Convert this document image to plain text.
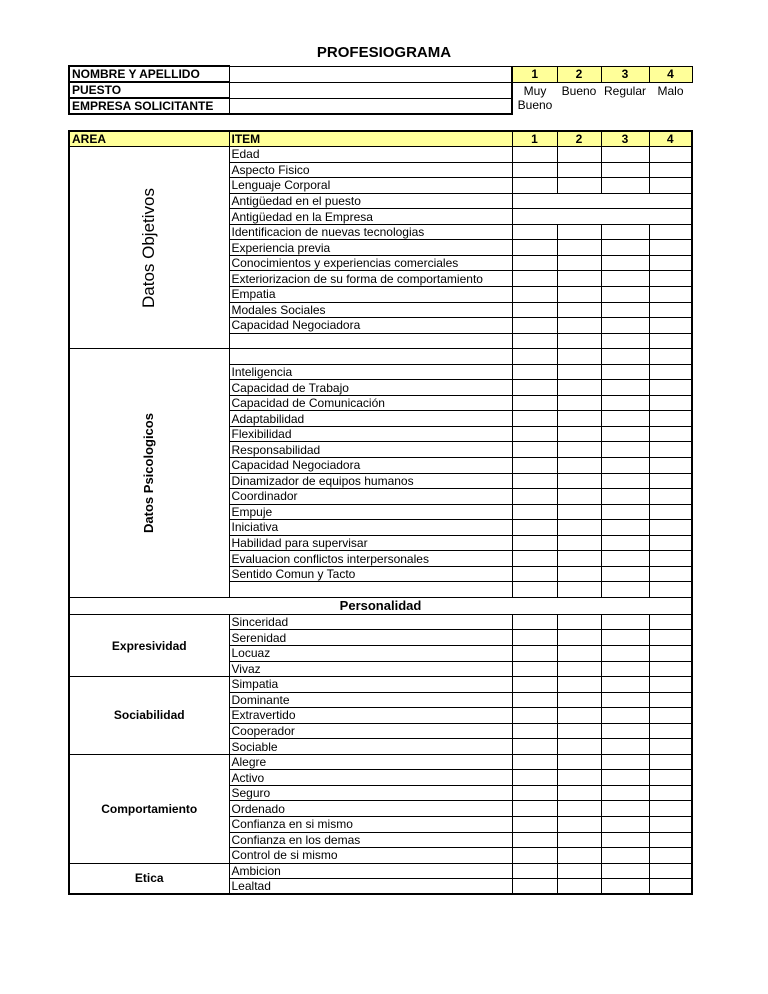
PROFESIOGRAMA
NOMBRE Y APELLIDO		1	2	3	4
PUESTO		Muy Bueno	Bueno	Regular	Malo
EMPRESA SOLICITANTE					
AREA	ITEM	1	2	3	4

Datos Objetivos	Edad				
	Aspecto Fisico				
	Lenguaje Corporal				
	Antigüedad en el puesto				
	Antigüedad en la Empresa				
	Identificacion de nuevas tecnologias				
	Experiencia previa				
	Conocimientos y experiencias comerciales				
	Exteriorizacion de su forma de comportamiento				
	Empatia				
	Modales Sociales				
	Capacidad Negociadora				

Datos Psicologicos					

	Inteligencia				
	Capacidad de Trabajo				
	Capacidad de Comunicación				
	Adaptabilidad				
	Flexibilidad				
	Responsabilidad				
	Capacidad Negociadora				
	Dinamizador de equipos humanos				
	Coordinador				
	Empuje				
	Iniciativa				
	Habilidad para supervisar				
	Evaluacion conflictos interpersonales				
	Sentido Comun y Tacto				

Personalidad					
Expresividad	Sinceridad				
	Serenidad				
	Locuaz				
	Vivaz				
Sociabilidad	Simpatia				
	Dominante				
	Extravertido				
	Cooperador				
	Sociable				
Comportamiento	Alegre				
	Activo				
	Seguro				
	Ordenado				
	Confianza en si mismo				
	Confianza en los demas				
	Control de si mismo				
Etica	Ambicion				
	Lealtad				
